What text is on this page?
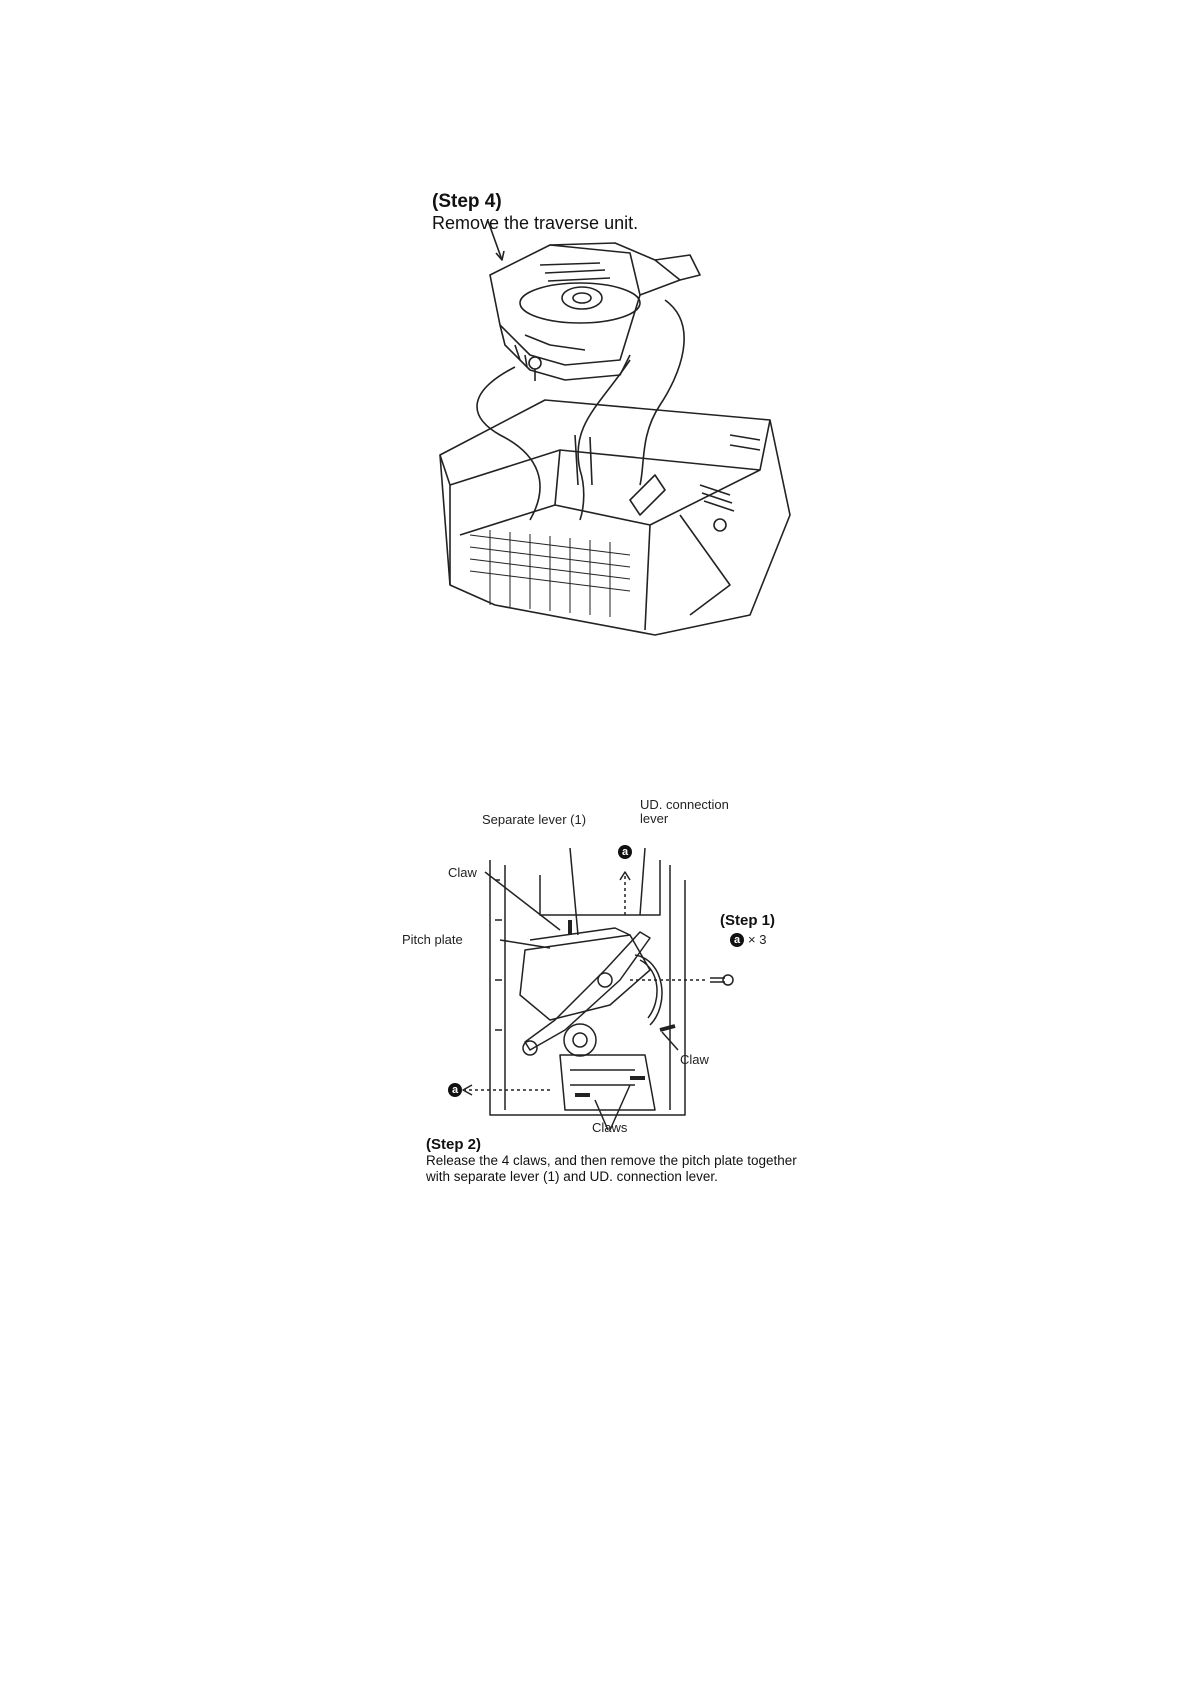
(Step 4)
Remove the traverse unit.
Separate lever (1)
UD. connection
lever
a
Claw
Pitch plate
(Step 1)
a × 3
a
Claw
Claws
(Step 2)
Release the 4 claws, and then remove the pitch plate together with separate lever (1) and UD. connection lever.
